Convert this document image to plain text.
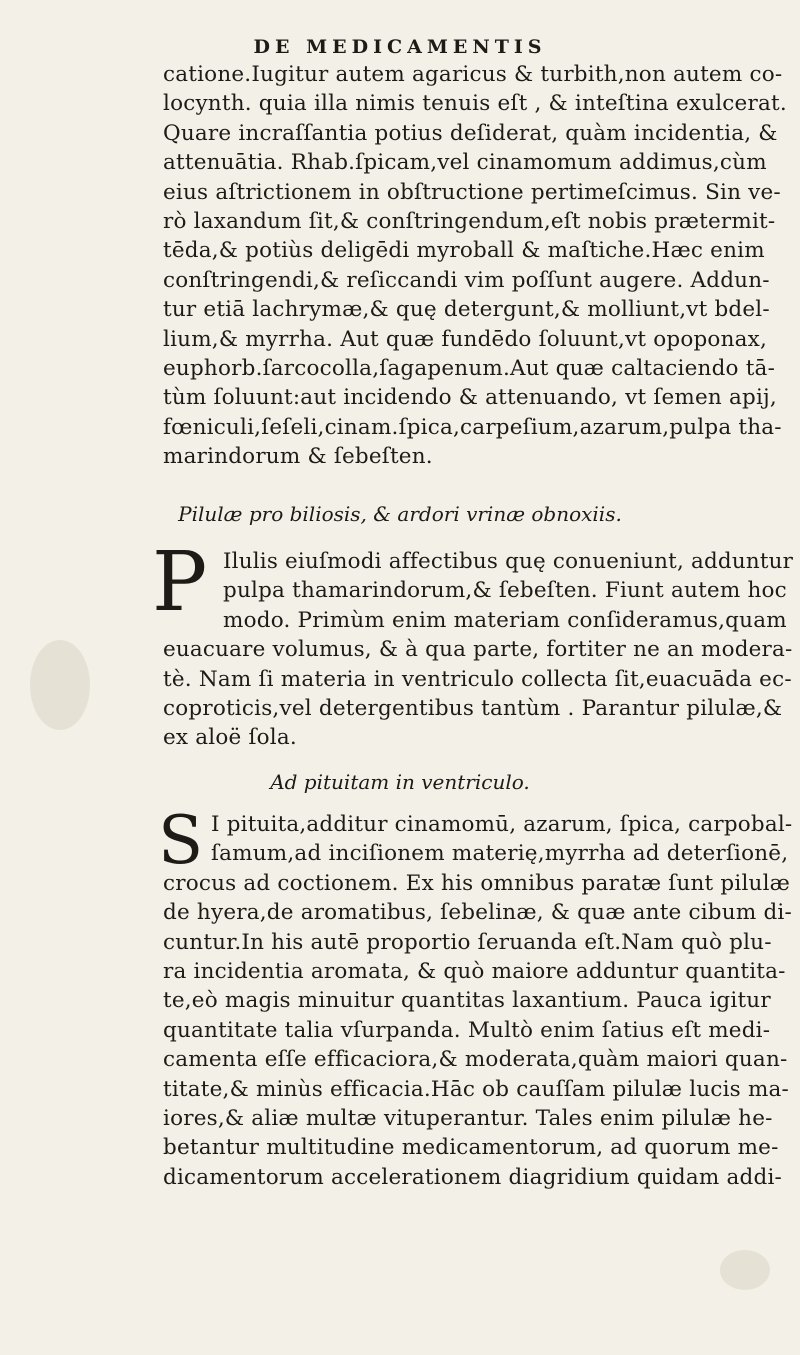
DE MEDICAMENTIS
catione.Iugitur autem agaricus & turbith,non autem co-
locynth. quia illa nimis tenuis eſt , & inteſtina exulcerat.
Quare incraſſantia potius deſiderat, quàm incidentia, &
attenuātia. Rhab.ſpicam,vel cinamomum addimus,cùm
eius aſtrictionem in obſtructione pertimeſcimus. Sin ve-
rò laxandum ſit,& conſtringendum,eſt nobis prætermit-
tēda,& potiùs deligēdi myroball & maſtiche.Hæc enim
conſtringendi,& reſiccandi vim poſſunt augere. Addun-
tur etiā lachrymæ,& quę detergunt,& molliunt,vt bdel-
lium,& myrrha. Aut quæ fundēdo ſoluunt,vt opoponax,
euphorb.ſarcocolla,ſagapenum.Aut quæ caltaciendo tā-
tùm ſoluunt:aut incidendo & attenuando, vt ſemen apij,
fœniculi,ſeſeli,cinam.ſpica,carpeſium,azarum,pulpa tha-
marindorum & ſebeſten.
Pilulæ pro biliosis, & ardori vrinæ obnoxiis.
P Ilulis eiuſmodi affectibus quę conueniunt, adduntur
pulpa thamarindorum,& ſebeſten. Fiunt autem hoc
modo. Primùm enim materiam conſideramus,quam
euacuare volumus, & à qua parte, fortiter ne an modera-
tè. Nam ſi materia in ventriculo collecta ſit,euacuāda ec-
coproticis,vel detergentibus tantùm . Parantur pilulæ,&
ex aloë ſola.
Ad pituitam in ventriculo.
S I pituita,additur cinamomū, azarum, ſpica, carpobal-
ſamum,ad inciſionem materię,myrrha ad deterſionē,
crocus ad coctionem. Ex his omnibus paratæ ſunt pilulæ
de hyera,de aromatibus, ſebelinæ, & quæ ante cibum di-
cuntur.In his autē proportio ſeruanda eſt.Nam quò plu-
ra incidentia aromata, & quò maiore adduntur quantita-
te,eò magis minuitur quantitas laxantium. Pauca igitur
quantitate talia vſurpanda. Multò enim ſatius eſt medi-
camenta eſſe efficaciora,& moderata,quàm maiori quan-
titate,& minùs efficacia.Hāc ob cauſſam pilulæ lucis ma-
iores,& aliæ multæ vituperantur. Tales enim pilulæ he-
betantur multitudine medicamentorum, ad quorum me-
dicamentorum accelerationem diagridium quidam addi-
